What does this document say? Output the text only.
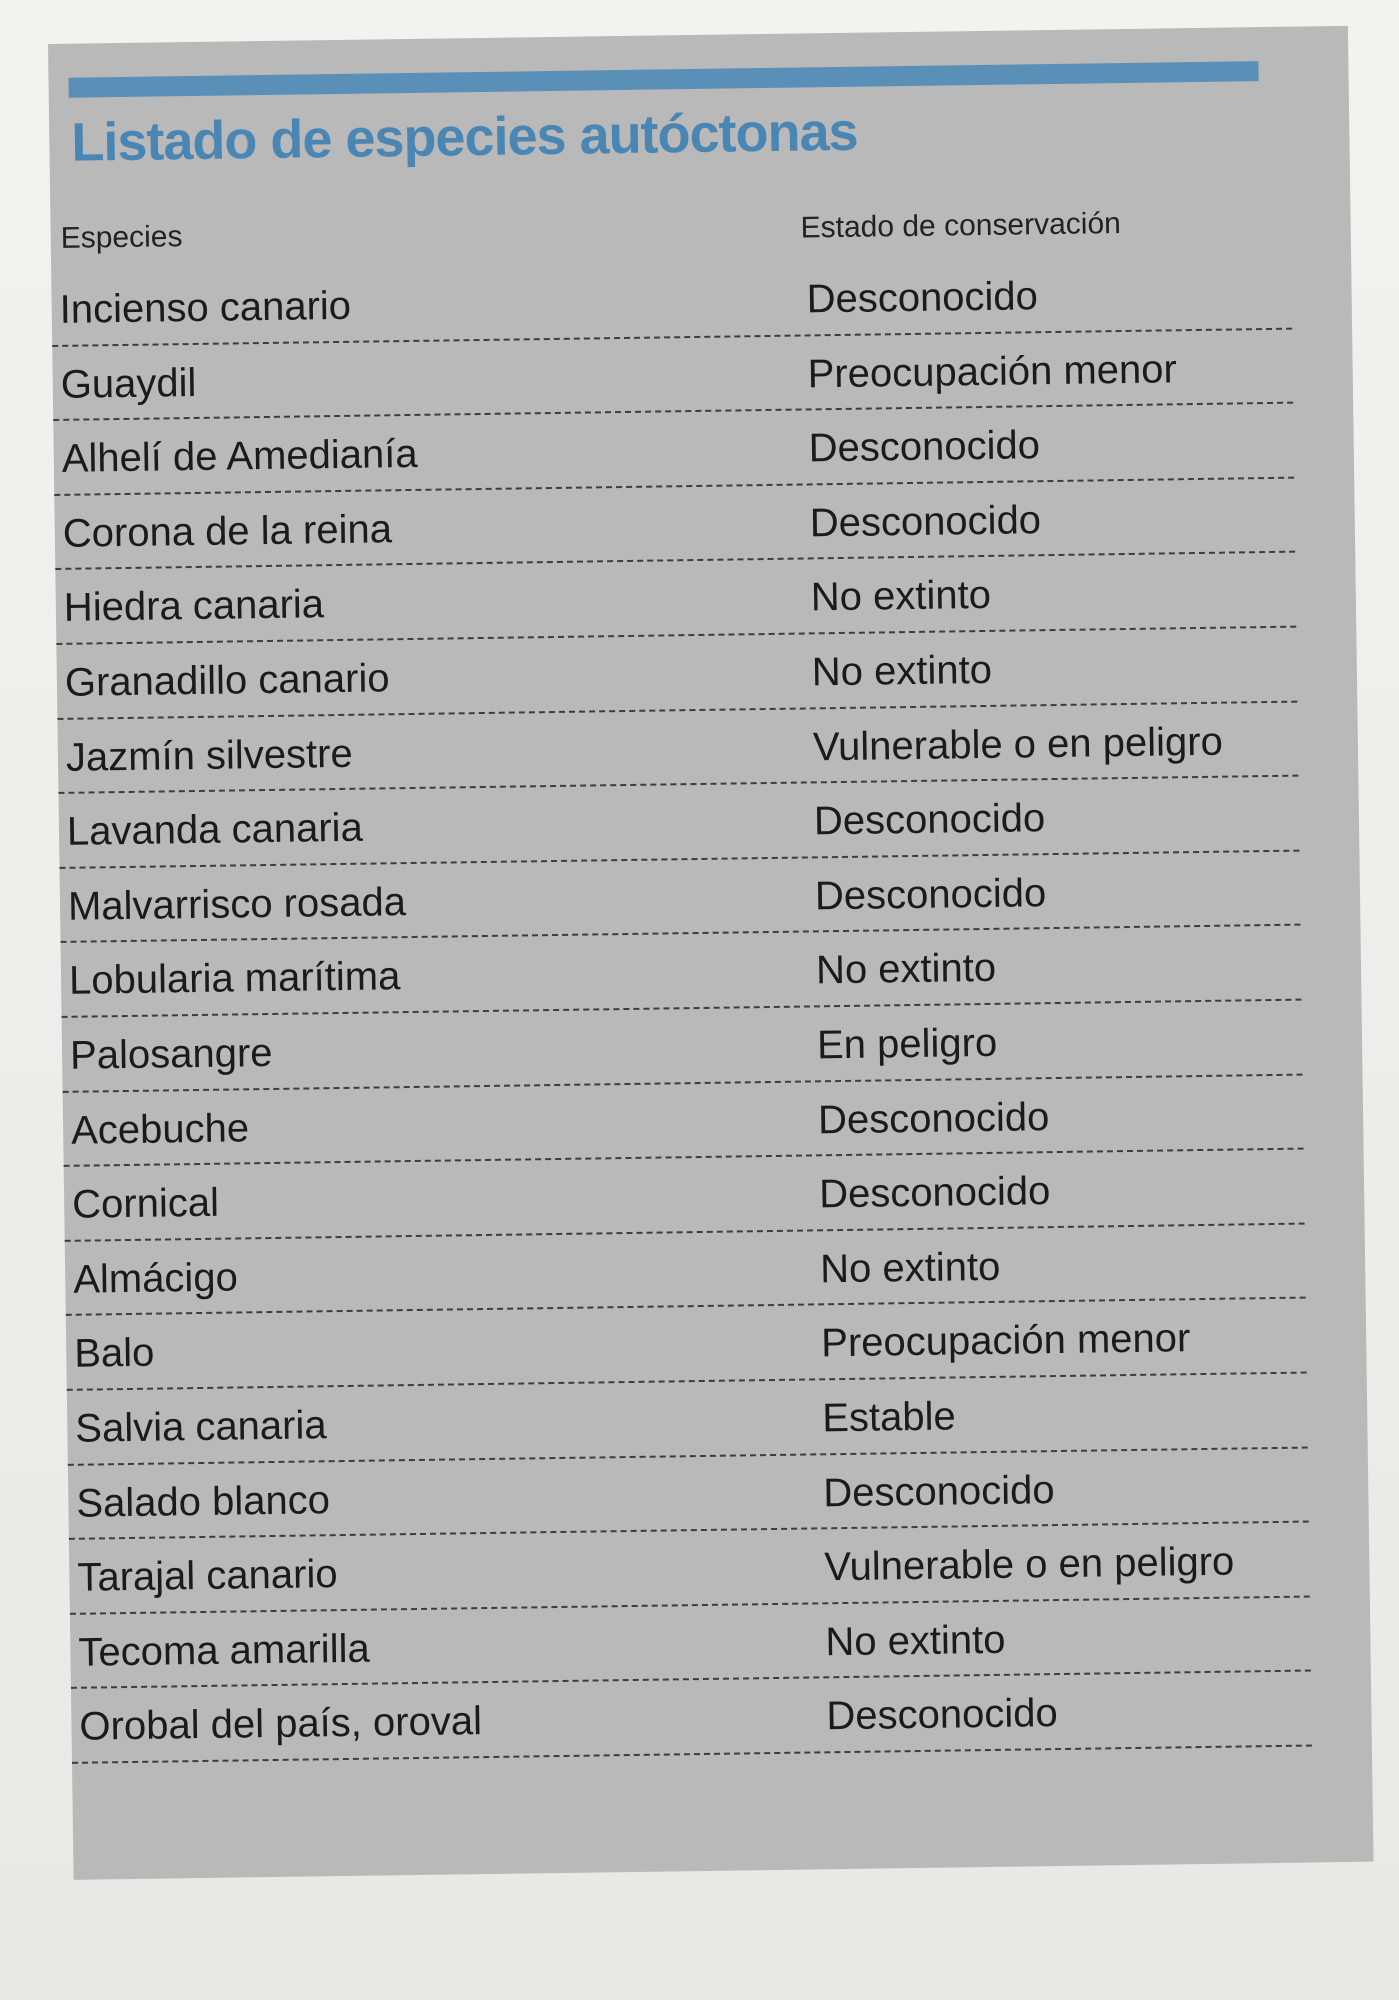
Listado de especies autóctonas
Especies	Estado de conservación
Incienso canario	Desconocido
Guaydil	Preocupación menor
Alhelí de Amedianía	Desconocido
Corona de la reina	Desconocido
Hiedra canaria	No extinto
Granadillo canario	No extinto
Jazmín silvestre	Vulnerable o en peligro
Lavanda canaria	Desconocido
Malvarrisco rosada	Desconocido
Lobularia marítima	No extinto
Palosangre	En peligro
Acebuche	Desconocido
Cornical	Desconocido
Almácigo	No extinto
Balo	Preocupación menor
Salvia canaria	Estable
Salado blanco	Desconocido
Tarajal canario	Vulnerable o en peligro
Tecoma amarilla	No extinto
Orobal del país, oroval	Desconocido
